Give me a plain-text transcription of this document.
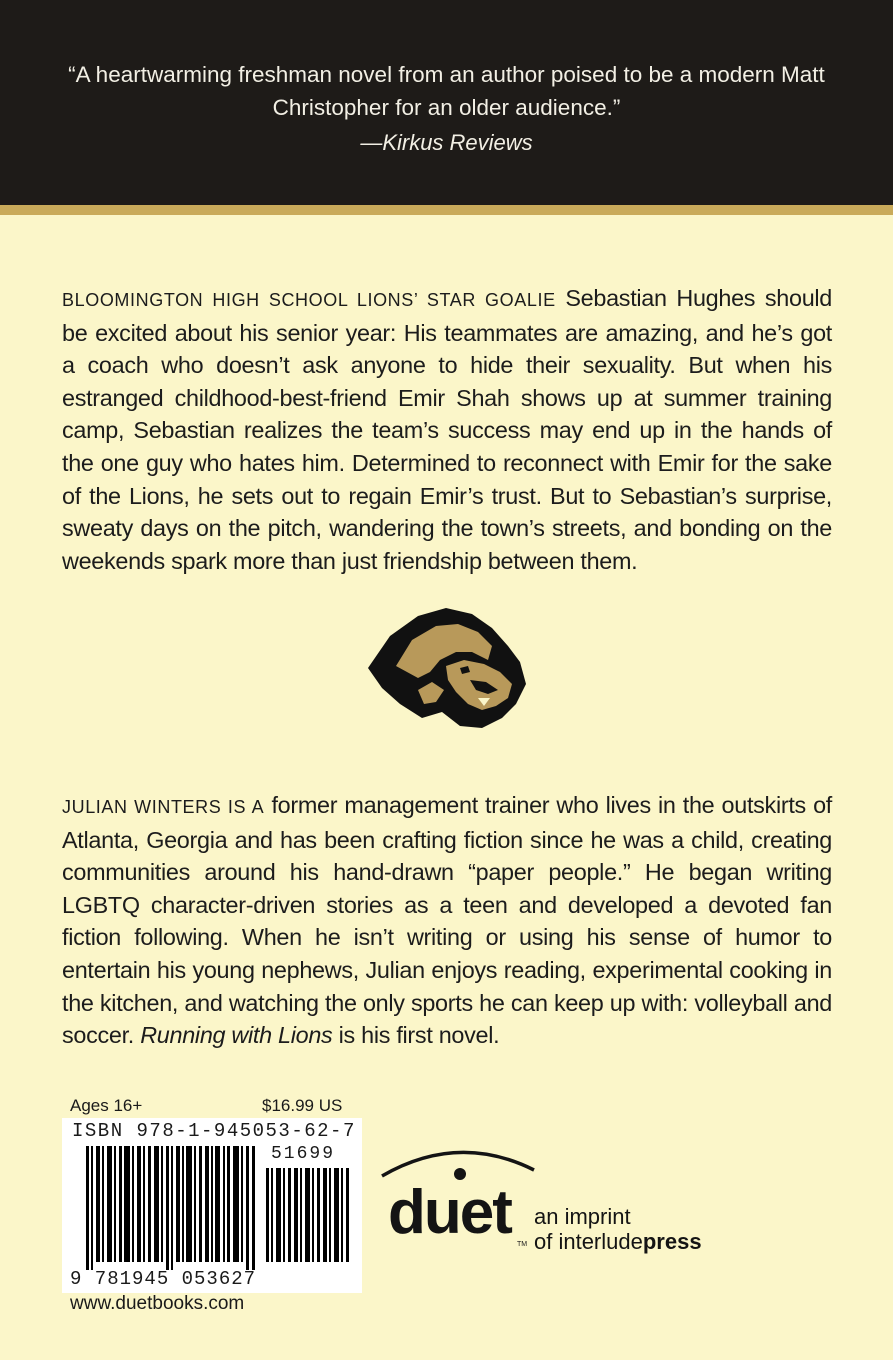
“A heartwarming freshman novel from an author poised to be a modern Matt Christopher for an older audience.”
—Kirkus Reviews
BLOOMINGTON HIGH SCHOOL LIONS’ STAR GOALIE Sebastian Hughes should be excited about his senior year: His teammates are amazing, and he’s got a coach who doesn’t ask anyone to hide their sexuality. But when his estranged childhood-best-friend Emir Shah shows up at summer training camp, Sebastian realizes the team’s success may end up in the hands of the one guy who hates him. Determined to reconnect with Emir for the sake of the Lions, he sets out to regain Emir’s trust. But to Sebastian’s surprise, sweaty days on the pitch, wandering the town’s streets, and bonding on the weekends spark more than just friendship between them.
JULIAN WINTERS IS A former management trainer who lives in the outskirts of Atlanta, Georgia and has been crafting fiction since he was a child, creating communities around his hand-drawn “paper people.” He began writing LGBTQ character-driven stories as a teen and developed a devoted fan fiction following. When he isn’t writing or using his sense of humor to entertain his young nephews, Julian enjoys reading, experimental cooking in the kitchen, and watching the only sports he can keep up with: volleyball and soccer. Running with Lions is his first novel.
Ages 16+	$16.99 US
ISBN 978-1-945053-62-7
51699
9 781945 053627
www.duetbooks.com
duet TM
an imprint
of interludepress
